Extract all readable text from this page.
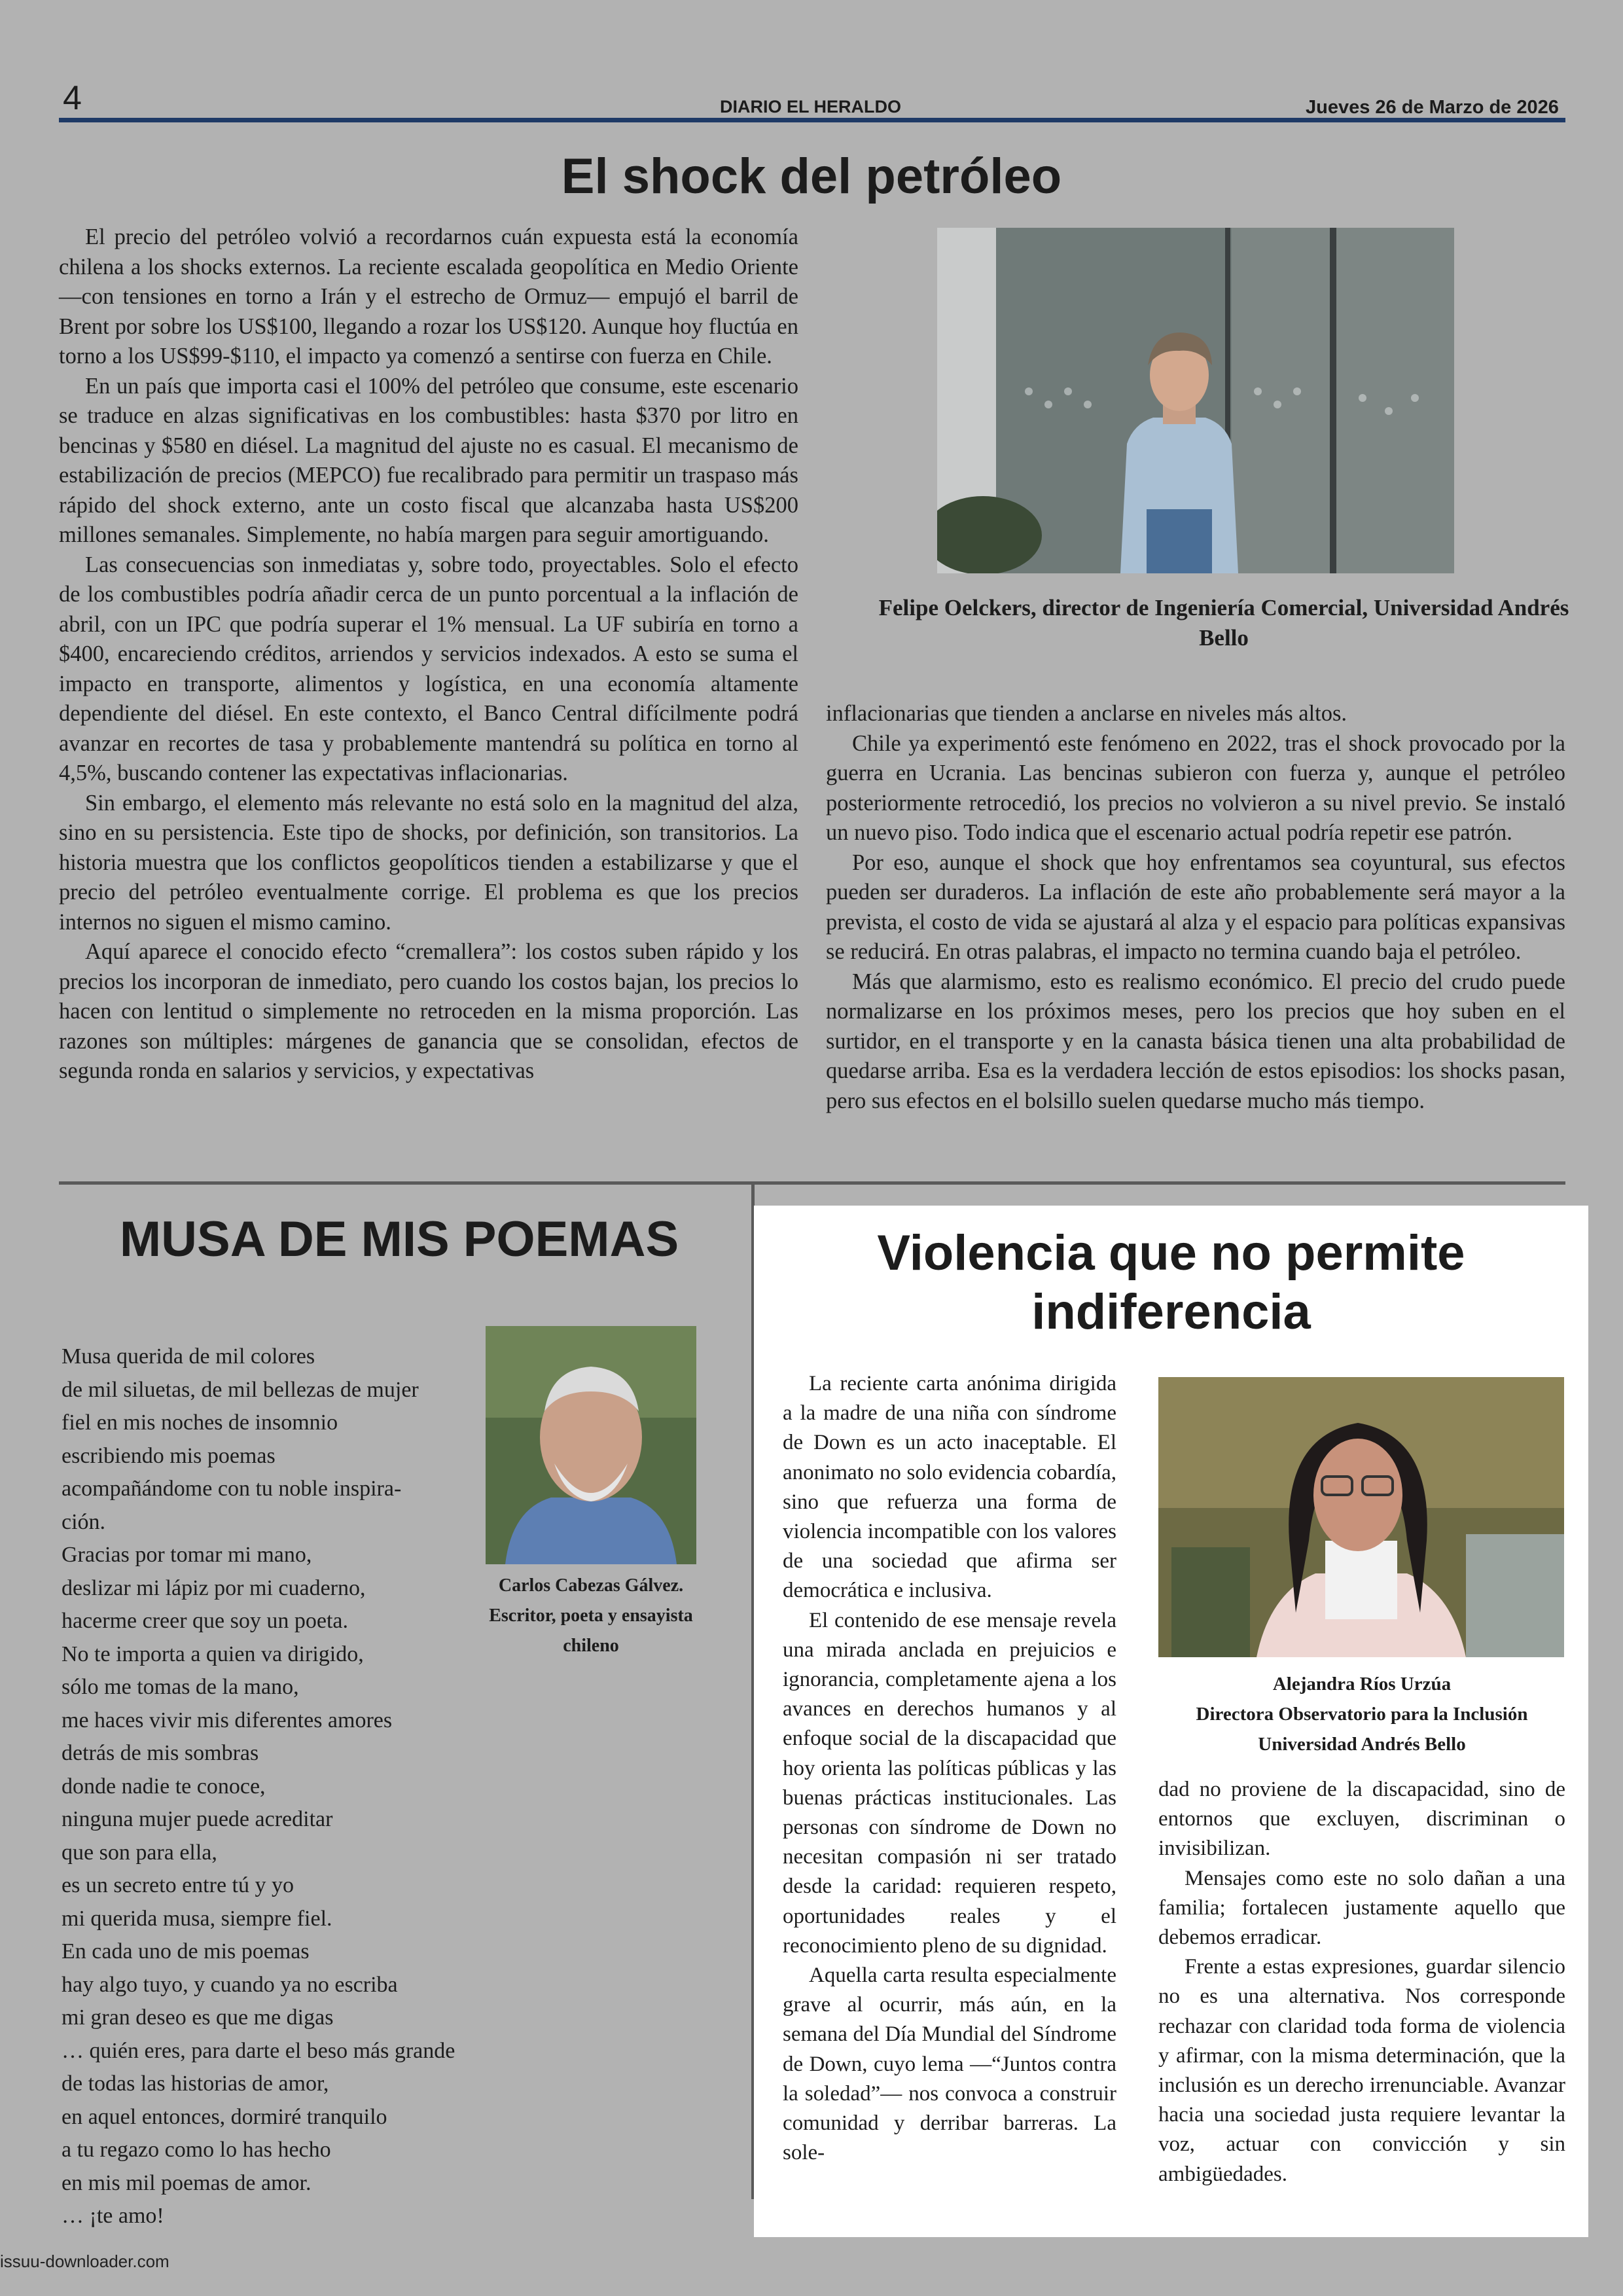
4	DIARIO EL HERALDO	Jueves 26 de Marzo de 2026
El shock del petróleo

El precio del petróleo volvió a recordarnos cuán expuesta está la economía chilena a los shocks externos. La reciente escalada geopolítica en Medio Oriente —con tensiones en torno a Irán y el estrecho de Ormuz— empujó el barril de Brent por sobre los US$100, llegando a rozar los US$120. Aunque hoy fluctúa en torno a los US$99-$110, el impacto ya comenzó a sentirse con fuerza en Chile.

En un país que importa casi el 100% del petróleo que consume, este escenario se traduce en alzas significativas en los combustibles: hasta $370 por litro en bencinas y $580 en diésel. La magnitud del ajuste no es casual. El mecanismo de estabilización de precios (MEPCO) fue recalibrado para permitir un traspaso más rápido del shock externo, ante un costo fiscal que alcanzaba hasta US$200 millones semanales. Simplemente, no había margen para seguir amortiguando.

Las consecuencias son inmediatas y, sobre todo, proyectables. Solo el efecto de los combustibles podría añadir cerca de un punto porcentual a la inflación de abril, con un IPC que podría superar el 1% mensual. La UF subiría en torno a $400, encareciendo créditos, arriendos y servicios indexados. A esto se suma el impacto en transporte, alimentos y logística, en una economía altamente dependiente del diésel. En este contexto, el Banco Central difícilmente podrá avanzar en recortes de tasa y probablemente mantendrá su política en torno al 4,5%, buscando contener las expectativas inflacionarias.

Sin embargo, el elemento más relevante no está solo en la magnitud del alza, sino en su persistencia. Este tipo de shocks, por definición, son transitorios. La historia muestra que los conflictos geopolíticos tienden a estabilizarse y que el precio del petróleo eventualmente corrige. El problema es que los precios internos no siguen el mismo camino.

Aquí aparece el conocido efecto “cremallera”: los costos suben rápido y los precios los incorporan de inmediato, pero cuando los costos bajan, los precios lo hacen con lentitud o simplemente no retroceden en la misma proporción. Las razones son múltiples: márgenes de ganancia que se consolidan, efectos de segunda ronda en salarios y servicios, y expectativas

Felipe Oelckers, director de Ingeniería Comercial, Universidad Andrés Bello

inflacionarias que tienden a anclarse en niveles más altos.

Chile ya experimentó este fenómeno en 2022, tras el shock provocado por la guerra en Ucrania. Las bencinas subieron con fuerza y, aunque el petróleo posteriormente retrocedió, los precios no volvieron a su nivel previo. Se instaló un nuevo piso. Todo indica que el escenario actual podría repetir ese patrón.

Por eso, aunque el shock que hoy enfrentamos sea coyuntural, sus efectos pueden ser duraderos. La inflación de este año probablemente será mayor a la prevista, el costo de vida se ajustará al alza y el espacio para políticas expansivas se reducirá. En otras palabras, el impacto no termina cuando baja el petróleo.

Más que alarmismo, esto es realismo económico. El precio del crudo puede normalizarse en los próximos meses, pero los precios que hoy suben en el surtidor, en el transporte y en la canasta básica tienen una alta probabilidad de quedarse arriba. Esa es la verdadera lección de estos episodios: los shocks pasan, pero sus efectos en el bolsillo suelen quedarse mucho más tiempo.

MUSA DE MIS POEMAS
Musa querida de mil colores
de mil siluetas, de mil bellezas de mujer
fiel en mis noches de insomnio
escribiendo mis poemas
acompañándome con tu noble inspira-
ción.
Gracias por tomar mi mano,
deslizar mi lápiz por mi cuaderno,
hacerme creer que soy un poeta.
No te importa a quien va dirigido,
sólo me tomas de la mano,
me haces vivir mis diferentes amores
detrás de mis sombras
donde nadie te conoce,
ninguna mujer puede acreditar
que son para ella,
es un secreto entre tú y yo
mi querida musa, siempre fiel.
En cada uno de mis poemas
hay algo tuyo, y cuando ya no escriba
mi gran deseo es que me digas
… quién eres, para darte el beso más grande
de todas las historias de amor,
en aquel entonces, dormiré tranquilo
a tu regazo como lo has hecho
en mis mil poemas de amor.
… ¡te amo!
Carlos Cabezas Gálvez.
Escritor, poeta y ensayista chileno
Violencia que no permite indiferencia

La reciente carta anónima dirigida a la madre de una niña con síndrome de Down es un acto inaceptable. El anonimato no solo evidencia cobardía, sino que refuerza una forma de violencia incompatible con los valores de una sociedad que afirma ser democrática e inclusiva.

El contenido de ese mensaje revela una mirada anclada en prejuicios e ignorancia, completamente ajena a los avances en derechos humanos y al enfoque social de la discapacidad que hoy orienta las políticas públicas y las buenas prácticas institucionales. Las personas con síndrome de Down no necesitan compasión ni ser tratado desde la caridad: requieren respeto, oportunidades reales y el reconocimiento pleno de su dignidad.

Aquella carta resulta especialmente grave al ocurrir, más aún, en la semana del Día Mundial del Síndrome de Down, cuyo lema —“Juntos contra la soledad”— nos convoca a construir comunidad y derribar barreras. La sole-

Alejandra Ríos Urzúa
Directora Observatorio para la Inclusión
Universidad Andrés Bello

dad no proviene de la discapacidad, sino de entornos que excluyen, discriminan o invisibilizan.

Mensajes como este no solo dañan a una familia; fortalecen justamente aquello que debemos erradicar.

Frente a estas expresiones, guardar silencio no es una alternativa. Nos corresponde rechazar con claridad toda forma de violencia y afirmar, con la misma determinación, que la inclusión es un derecho irrenunciable. Avanzar hacia una sociedad justa requiere levantar la voz, actuar con convicción y sin ambigüedades.

issuu-downloader.com
